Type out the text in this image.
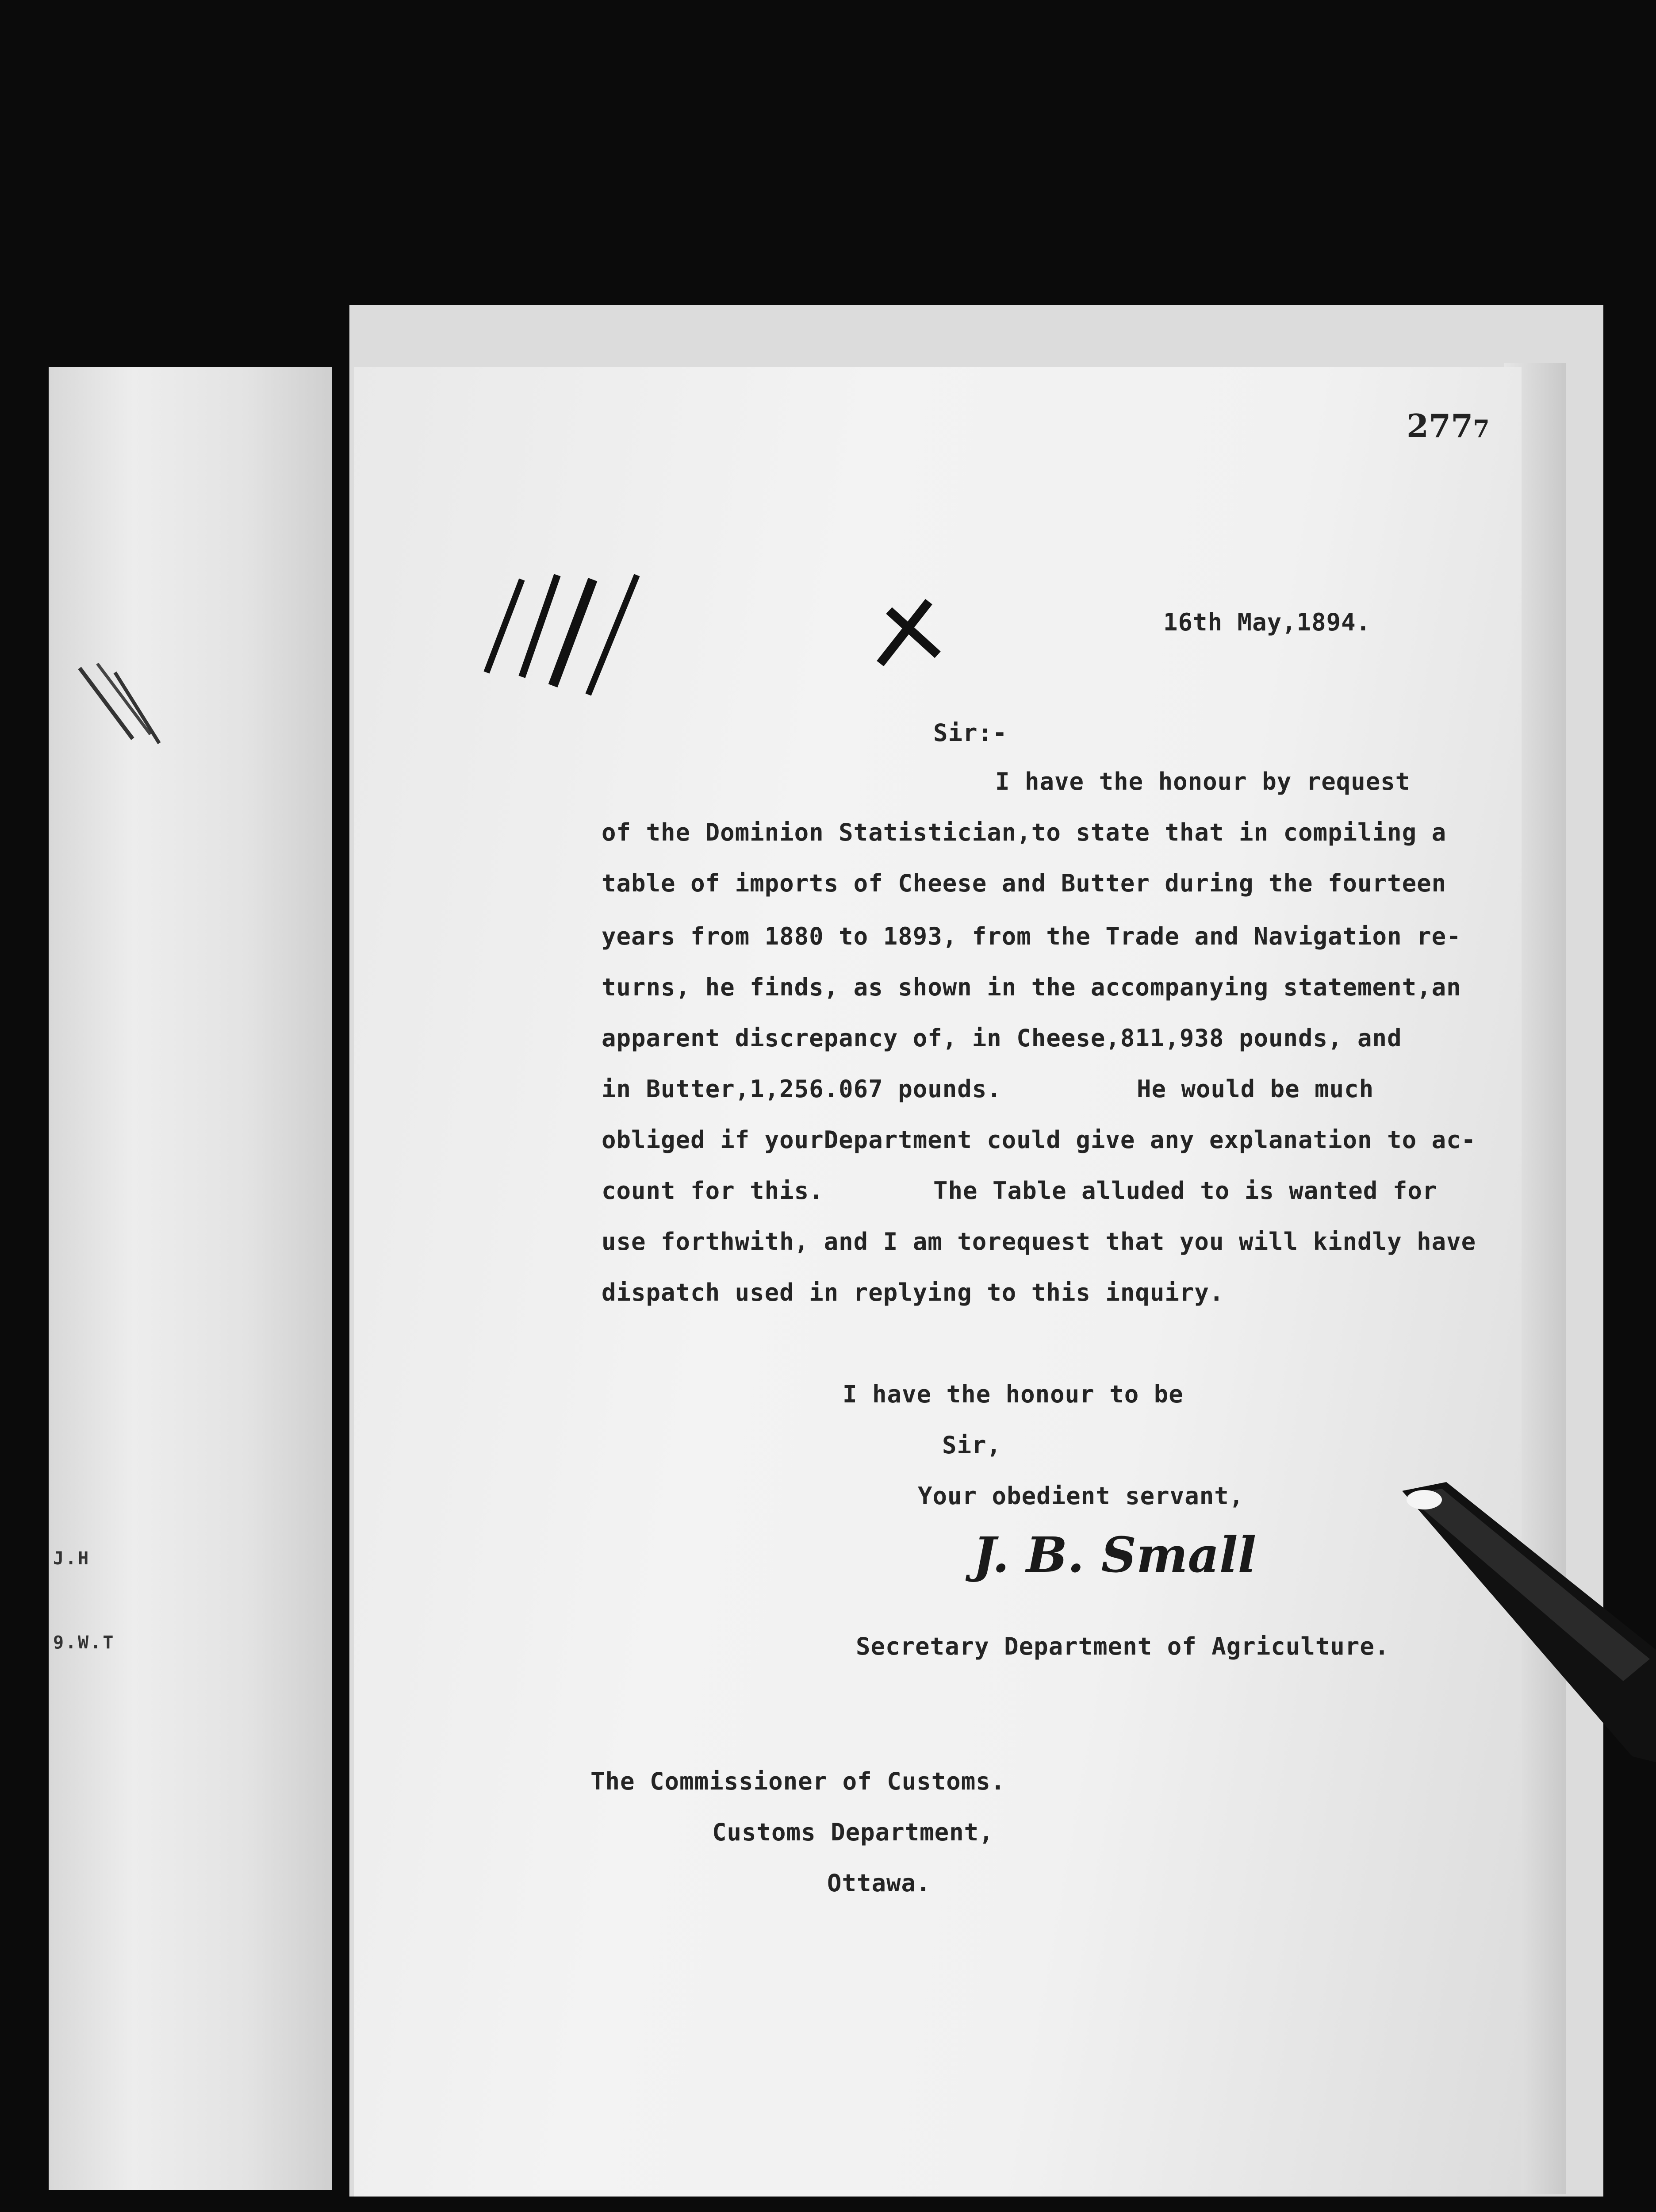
J.H
9.W.T
2777
16th May,1894.
Sir:-
I have the honour by request
of the Dominion Statistician,to state that in compiling a
table of imports of Cheese and Butter during the fourteen
years from 1880 to 1893, from the Trade and Navigation re-
turns, he finds, as shown in the accompanying statement,an
apparent discrepancy of, in Cheese,811,938 pounds, and
in Butter,1,256.067 pounds.	He would be much
obliged if yourDepartment could give any explanation to ac-
count for this.	The Table alluded to is wanted for
use forthwith, and I am torequest that you will kindly have
dispatch used in replying to this inquiry.
I have the honour to be
Sir,
Your obedient servant,
J. B. Small
Secretary Department of Agriculture.
The Commissioner of Customs.
Customs Department,
Ottawa.
